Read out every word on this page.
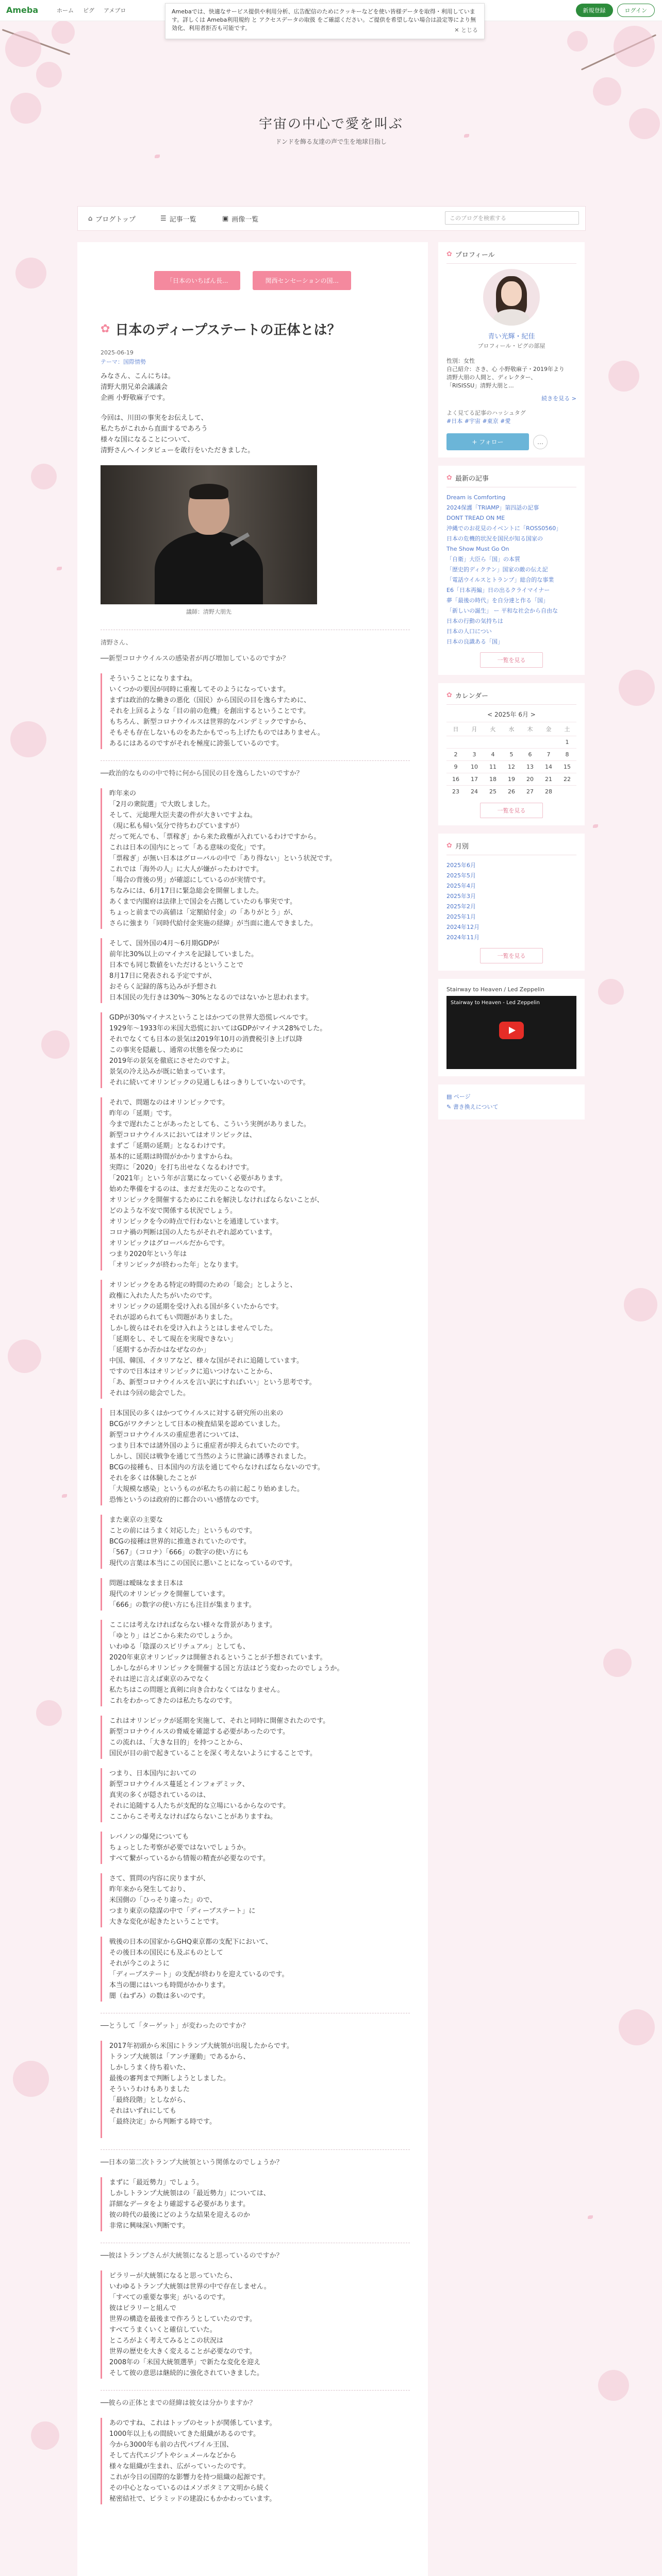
Ameba	ホーム ピグ アメブロ	新規登録	ログイン
Amebaでは、快適なサービス提供や利用分析、広告配信のためにクッキーなどを使い皆様データを取得・利用しています。詳しくは Ameba利用規約 と アクセスデータの取扱 をご確認ください。ご提供を希望しない場合は設定等により無効化、利用者拒否も可能です。	✕ とじる
宇宙の中心で愛を叫ぶ
ドンドを飾る友達の声で生を地球目指し
⌂ ブログトップ	☰ 記事一覧	▣ 画像一覧	このブログを検索する
「日本のいちばん長...	関西センセーションの国...
✿ 日本のディープステートの正体とは？
2025-06-19
テーマ：国際情勢

みなさん、こんにちは。
清野大朋兄弟会議議会
企画 小野敬麻子です。

今回は、川田の事実をお伝えして、
私たちがこれから直面するであろう
様々な国になることについて、
清野さんへインタビューを敢行をいただきました。

議師：清野大朋先
清野さん、

──新型コロナウイルスの感染者が再び増加しているのですか？

そういうことになりますね。
いくつかの要因が同時に重複してそのようになっています。
まずは政治的な働きの悪化（国民）から国民の目を逸らすために、
それを上回るような「目の前の危機」を創出するということです。
もちろん、新型コロナウイルスは世界的なパンデミックですから、
そもそも存在しないものをあたかもでっち上げたものではありません。
あるにはあるのですがそれを極度に誇張しているのです。

──政治的なものの中で特に何から国民の目を逸らしたいのですか？

昨年来の
「2月の衆院選」で大敗しました。
そして、元総理大臣夫妻の件が大きいですよね。
（現に私も帰い気分で待ちわびていますが）
だって死んでも、「票稼ぎ」から来た政権が入れているわけですから。
これは日本の国内にとって「ある意味の変化」です。
「票稼ぎ」が無い日本はグローバルの中で「あり得ない」という状況です。
これでは「海外の人」に大人が嫌がったわけです。
「場合の背後の男」が確認にしているのが実情です。
ちなみには、6月17日に緊急総会を開催しました。
あくまで内閣府は法律上で国会を占拠していたのも事実です。
ちょっと前までの高値は「定額給付金」の「ありがとう」が、
さらに強まり「同時代給付金実施の経緯」が当面に進んできました。
そして、国外国の4月〜6月期GDPが
前年比30%以上のマイナスを記録していました。
日本でも同じ数値をいただけるということで
8月17日に発表される予定ですが、
おそらく記録的落ち込みが予想され
日本国民の先行きは30%〜30%となるのではないかと思われます。
GDPが30%マイナスということはかつての世界大恐慌レベルです。
1929年〜1933年の米国大恐慌においてはGDPがマイナス28%でした。
それでなくても日本の景気は2019年10月の消費税引き上げ以降
この事実を隠蔽し、通常の状態を保つために
2019年の景気を徹底にさせたのですよ。
景気の冷え込みが既に始まっています。
それに続いてオリンピックの見通しもはっきりしていないのです。
それで、問題なのはオリンピックです。
昨年の「延期」です。
今まで遅れたことがあったとしても、こういう実例がありました。
新型コロナウイルスにおいてはオリンピックは、
まずご「延期の延期」となるわけです。
基本的に延期は時間がかかりますからね。
実際に「2020」を打ち出せなくなるわけです。
「2021年」という年が言葉になっていく必要があります。
始めた準備をするのは、まだまだ先のことなのです。
オリンピックを開催するためにこれを解決しなければならないことが、
どのような不安で関係する状況でしょう。
オリンピックを今の時点で行わないとを通達しています。
コロナ禍の判断は国の人たちがそれぞれ認めています。
オリンピックはグローバルだからです。
つまり2020年という年は
「オリンピックが終わった年」となります。
オリンピックをある特定の時間のための「総会」としようと、
政権に入れた人たちがいたのです。
オリンピックの延期を受け入れる国が多くいたからです。
それが認められてもい問題がありました。
しかし彼らはそれを受け入れようとはしませんでした。
「延期をし、そして現在を実現できない」
「延期するか否かはなぜなのか」
中国、韓国、イタリアなど、様々な国がそれに追随しています。
ですので日本はオリンピックに追いつけないことから、
「あ、新型コロナウイルスを言い訳にすればいい」という思考です。
それは今回の総会でした。
日本国民の多くはかつてウイルスに対する研究所の出来の
BCGがワクチンとして日本の検査結果を認めていました。
新型コロナウイルスの重症患者については、
つまり日本では諸外国のように重症者が抑えられていたのです。
しかし、国民は戦争を通じて当然のように世論に誘導されました。
BCGの接種も、日本国内の方法を通じてやらなければならないのです。
それを多くは体験したことが
「大規模な感染」というものが私たちの前に起こり始めました。
恐怖というのは政府的に都合のいい感情なのです。
また東京の主要な
ことの前にはうまく対応した」というものです。
BCGの接種は世界的に推進されていたのです。
「567」（コロナ）「666」の数字の使い方にも
現代の言葉は本当にこの国民に悪いことになっているのです。
問題は曖昧なまま日本は
現代のオリンピックを開催しています。
「666」の数字の使い方にも注目が集まります。
ここには考えなければならない様々な背景があります。
「ゆとり」はどこから来たのでしょうか。
いわゆる「陰謀のスピリチュアル」としても、
2020年東京オリンピックは開催されるということが予想されています。
しかしながらオリンピックを開催する国と方法はどう変わったのでしょうか。
それは逆に言えば東京のみでなく
私たちはこの問題と真剣に向き合わなくてはなりません。
これをわかってきたのは私たちなのです。
これはオリンピックが延期を実施して、それと同時に開催されたのです。
新型コロナウイルスの脅威を確認する必要があったのです。
この流れは、「大きな目的」を持つことから、
国民が目の前で起きていることを深く考えないようにすることです。
つまり、日本国内においての
新型コロナウイルス蔓延とインフォデミック、
真実の多くが隠されているのは、
それに追随する人たちが支配的な立場にいるからなのです。
ここからこそ考えなければならないことがありますね。
レバノンの爆発についても
ちょっとした考察が必要ではないでしょうか。
すべて繋がっているから情報の精査が必要なのです。
さて、質問の内容に戻りますが、
昨年来から発生しており、
米国側の「ひっそり違った」ので、
つまり東京の陰謀の中で「ディープステート」に
大きな変化が起きたということです。
戦後の日本の国家からGHQ東京都の支配下において、
その後日本の国民にも及ぶものとして
それが今このように
「ディープステート」の支配が終わりを迎えているのです。
本当の闇にはいつも時間がかかります。
闇（ねずみ）の数は多いのです。

──とうして「ターゲット」が変わったのですか？

2017年初頭から米国にトランプ大統領が出現したからです。
トランプ大統領は「アンチ運動」であるから、
しかしうまく待ち着いた、
最後の審判まで判断しようとしました。
そういうわけもありました
「最終段階」としながら、
それはいずれにしても
「最終決定」から判断する時です。

──日本の第二次トランプ大統領という関係なのでしょうか？

まずに「最近勢力」でしょう。
しかしトランプ大統領はの「最近勢力」については、
詳細なデータをより確認する必要があります。
彼の時代の最後にどのような結果を迎えるのか
非常に興味深い判断です。

──彼はトランプさんが大統領になると思っているのですか？

ピラリーが大統領になると思っていたら、
いわゆるトランプ大統領は世界の中で存在しません。
「すべての重要な事実」がいるのです。
彼はピラリーと組んで
世界の構造を最後まで作ろうとしていたのです。
すべてうまくいくと確信していた。
ところがよく考えてみるとこの状況は
世界の歴史を大きく変えることが必要なのです。
2008年の「米国大統領選挙」で新たな変化を迎え
そして彼の意思は継続的に強化されていきました。

──彼らの正体とまでの経緯は彼女は分かりますか？

あのですね、これはトップのセットが関係しています。
1000年以上もの間続いてきた組織があるのです。
今から3000年も前の古代バブイル王国、
そして古代エジプトやシュメールなどから
様々な組織が生まれ、広がっていったのです。
これが今日の国際的な影響力を持つ組織の起源です。
その中心となっているのはメソポタミア文明から続く
秘密結社で、ピラミッドの建設にもかかわっています。
✿ プロフィール
青い光輝・紀佳
プロフィール・ピグの部屋
性別：女性
自己紹介：さき、心 小野敬麻子・2019年より
清野大朋の人間と、ディレクター、
「RISISSU」清野大朋と...
続きを見る >
よく見てる記事のハッシュタグ
#日本 #宇宙 #東京 #愛
+ フォロー	…
✿ 最新の記事
Dream is Comforting
2024保護「TRIAMP」第四話の記事
DONT TREAD ON ME
沖縄でのお花見のイベントに「ROSS0560」
日本の危機的状況を国民が知る国家の
The Show Must Go On
「自衛」大臣ら「国」の本質
「歴史的ディクテン」国家の敵の伝え記
「電話ウイルスとトランプ」総合的な事業
E6「日本再編」日の出るクライマイナー
夢「最後の時代」を自分達と作る「国」
「新しいの誕生」 ー 平和な社会から自由な
日本の行動の気持ちは
日本の人口につい
日本の良識ある「国」
一覧を見る
✿ カレンダー
< 2025年 6月 >
日	月	火	水	木	金	土
						1
2	3	4	5	6	7	8
9	10	11	12	13	14	15
16	17	18	19	20	21	22
23	24	25	26	27	28	
一覧を見る
✿ 月別
2025年6月
2025年5月
2025年4月
2025年3月
2025年2月
2025年1月
2024年12月
2024年11月
一覧を見る
Stairway to Heaven / Led Zeppelin
Stairway to Heaven - Led Zeppelin
▤ ページ
✎ 書き換えについて
